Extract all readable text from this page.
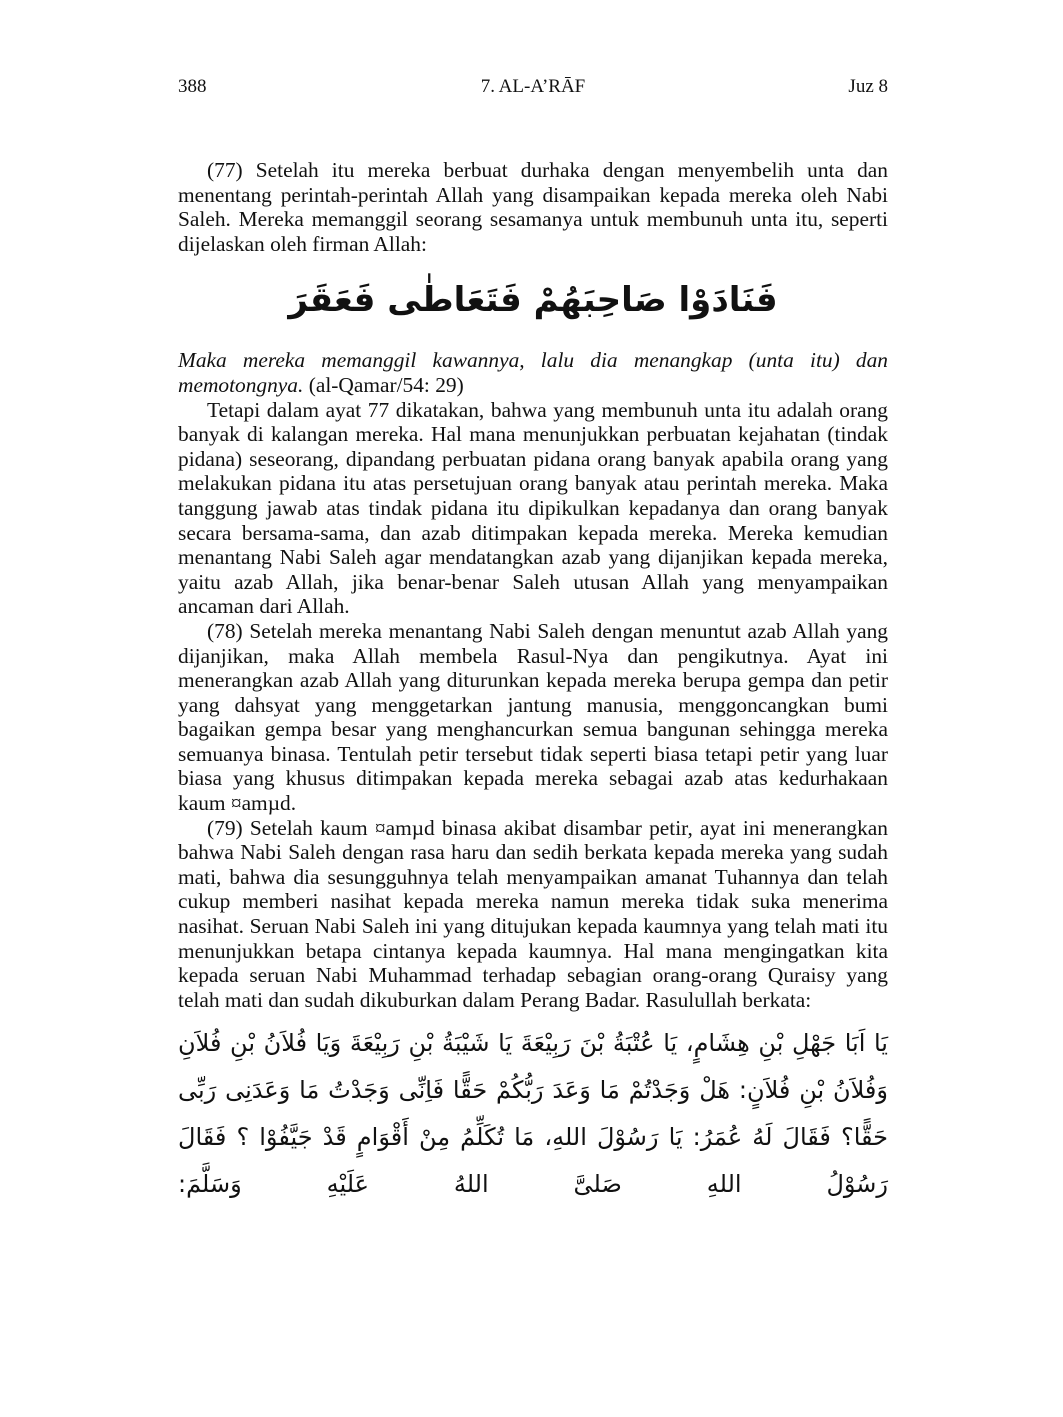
7. AL-A’RĀF
388	Juz 8

(77) Setelah itu mereka berbuat durhaka dengan menyembelih unta dan menentang perintah-perintah Allah yang disampaikan kepada mereka oleh Nabi Saleh. Mereka memanggil seorang sesamanya untuk membunuh unta itu, seperti dijelaskan oleh firman Allah:

فَنَادَوْا صَاحِبَهُمْ فَتَعَاطٰى فَعَقَرَ

Maka mereka memanggil kawannya, lalu dia menangkap (unta itu) dan memotongnya. (al-Qamar/54: 29)

Tetapi dalam ayat 77 dikatakan, bahwa yang membunuh unta itu adalah orang banyak di kalangan mereka. Hal mana menunjukkan perbuatan kejahatan (tindak pidana) seseorang, dipandang perbuatan pidana orang banyak apabila orang yang melakukan pidana itu atas persetujuan orang banyak atau perintah mereka. Maka tanggung jawab atas tindak pidana itu dipikulkan kepadanya dan orang banyak secara bersama-sama, dan azab ditimpakan kepada mereka. Mereka kemudian menantang Nabi Saleh agar mendatangkan azab yang dijanjikan kepada mereka, yaitu azab Allah, jika benar-benar Saleh utusan Allah yang menyampaikan ancaman dari Allah.

(78) Setelah mereka menantang Nabi Saleh dengan menuntut azab Allah yang dijanjikan, maka Allah membela Rasul-Nya dan pengikutnya. Ayat ini menerangkan azab Allah yang diturunkan kepada mereka berupa gempa dan petir yang dahsyat yang menggetarkan jantung manusia, menggoncangkan bumi bagaikan gempa besar yang menghancurkan semua bangunan sehingga mereka semuanya binasa. Tentulah petir tersebut tidak seperti biasa tetapi petir yang luar biasa yang khusus ditimpakan kepada mereka sebagai azab atas kedurhakaan kaum ¤amµd.

(79) Setelah kaum ¤amµd binasa akibat disambar petir, ayat ini menerangkan bahwa Nabi Saleh dengan rasa haru dan sedih berkata kepada mereka yang sudah mati, bahwa dia sesungguhnya telah menyampaikan amanat Tuhannya dan telah cukup memberi nasihat kepada mereka namun mereka tidak suka menerima nasihat. Seruan Nabi Saleh ini yang ditujukan kepada kaumnya yang telah mati itu menunjukkan betapa cintanya kepada kaumnya. Hal mana mengingatkan kita kepada seruan Nabi Muhammad terhadap sebagian orang-orang Quraisy yang telah mati dan sudah dikuburkan dalam Perang Badar. Rasulullah berkata:

يَا اَبَا جَهْلِ بْنِ هِشَامٍ، يَا عُتْبَةُ بْنَ رَبِيْعَةَ يَا شَيْبَةُ بْنِ رَبِيْعَةَ وَيَا فُلاَنُ بْنِ فُلاَنِ وَفُلاَنُ بْنِ فُلاَنٍ: هَلْ وَجَدْتُمْ مَا وَعَدَ رَبُّكُمْ حَقًّا فَاِنِّى وَجَدْتُ مَا وَعَدَنِى رَبِّى حَقًّا؟ فَقَالَ لَهُ عُمَرُ: يَا رَسُوْلَ اللهِ، مَا تُكَلِّمُ مِنْ أَقْوَامٍ قَدْ جَيَّفُوْا ؟ فَقَالَ رَسُوْلُ اللهِ صَلىَّ اللهُ عَلَيْهِ وَسَلَّمَ:
